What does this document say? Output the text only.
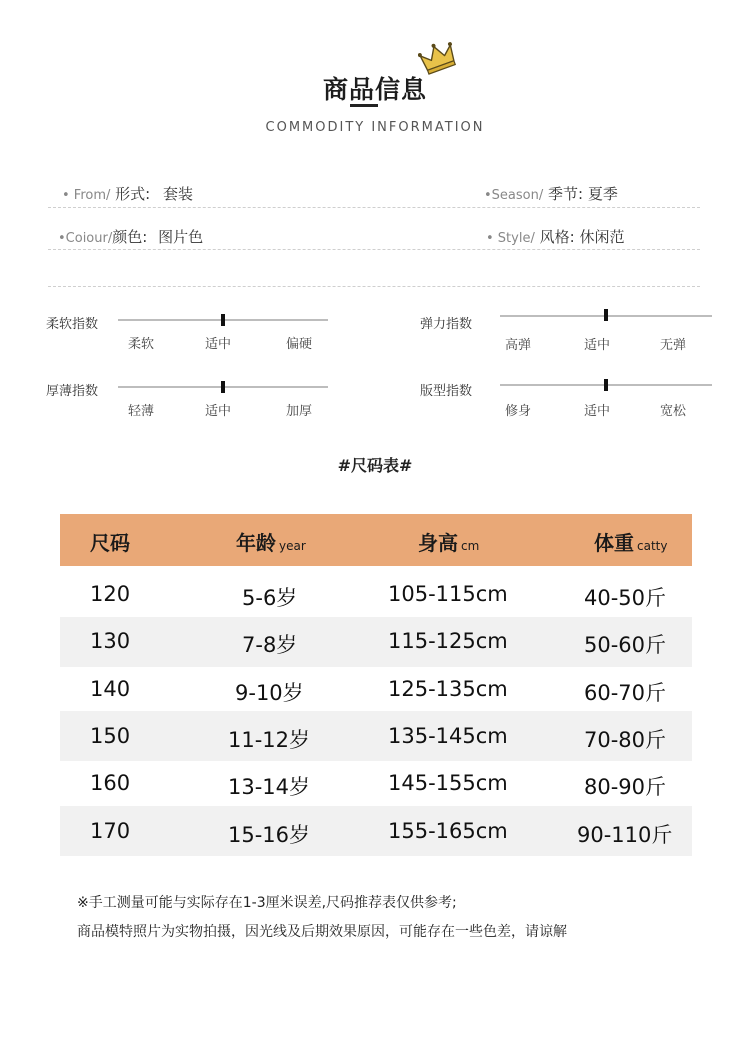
商品信息
COMMODITY INFORMATION
• From/ 形式: 套装	•Season/ 季节: 夏季
•Coiour/颜色: 图片色	• Style/ 风格: 休闲范
柔软指数
柔软	适中	偏硬
弹力指数
高弹	适中	无弹
厚薄指数
轻薄	适中	加厚
版型指数
修身	适中	宽松
#尺码表#
尺码	年龄 year	身高 cm	体重 catty
120	5-6岁	105-115cm	40-50斤
130	7-8岁	115-125cm	50-60斤
140	9-10岁	125-135cm	60-70斤
150	11-12岁	135-145cm	70-80斤
160	13-14岁	145-155cm	80-90斤
170	15-16岁	155-165cm	90-110斤
※手工测量可能与实际存在1-3厘米误差,尺码推荐表仅供参考;
商品模特照片为实物拍摄，因光线及后期效果原因，可能存在一些色差，请谅解
